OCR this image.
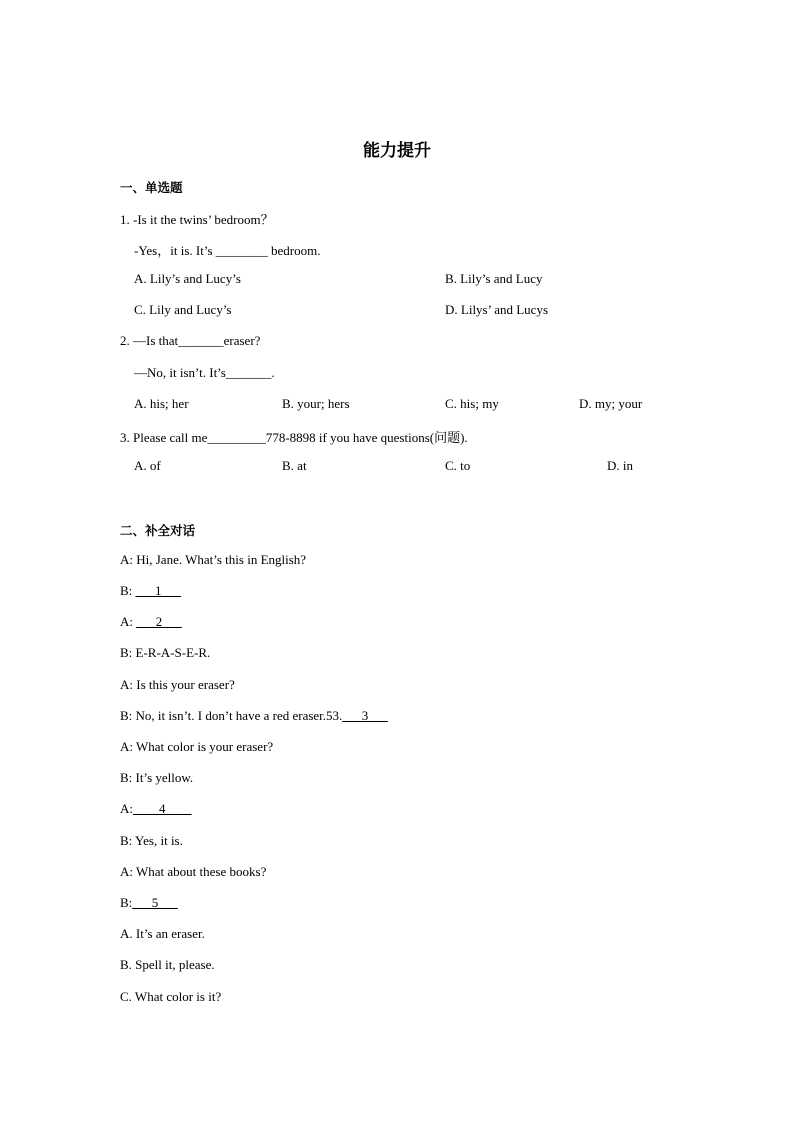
能力提升
一、单选题
1. -Is it the twins’ bedroom？
-Yes，it is. It’s ________ bedroom.
A. Lily’s and Lucy’s	B. Lily’s and Lucy
C. Lily and Lucy’s	D. Lilys’ and Lucys
2. —Is that_______eraser?
—No, it isn’t. It’s_______.
A. his; her	B. your; hers	C. his; my	D. my; your
3. Please call me_________778-8898 if you have questions(问题).
A. of	B. at	C. to	D. in
二、补全对话
A: Hi, Jane. What’s this in English?
B: ___1___
A: ___2___
B: E-R-A-S-E-R.
A: Is this your eraser?
B: No, it isn’t. I don’t have a red eraser.53.___3___
A: What color is your eraser?
B: It’s yellow.
A:____4____
B: Yes, it is.
A: What about these books?
B:___5___
A. It’s an eraser.
B. Spell it, please.
C. What color is it?
